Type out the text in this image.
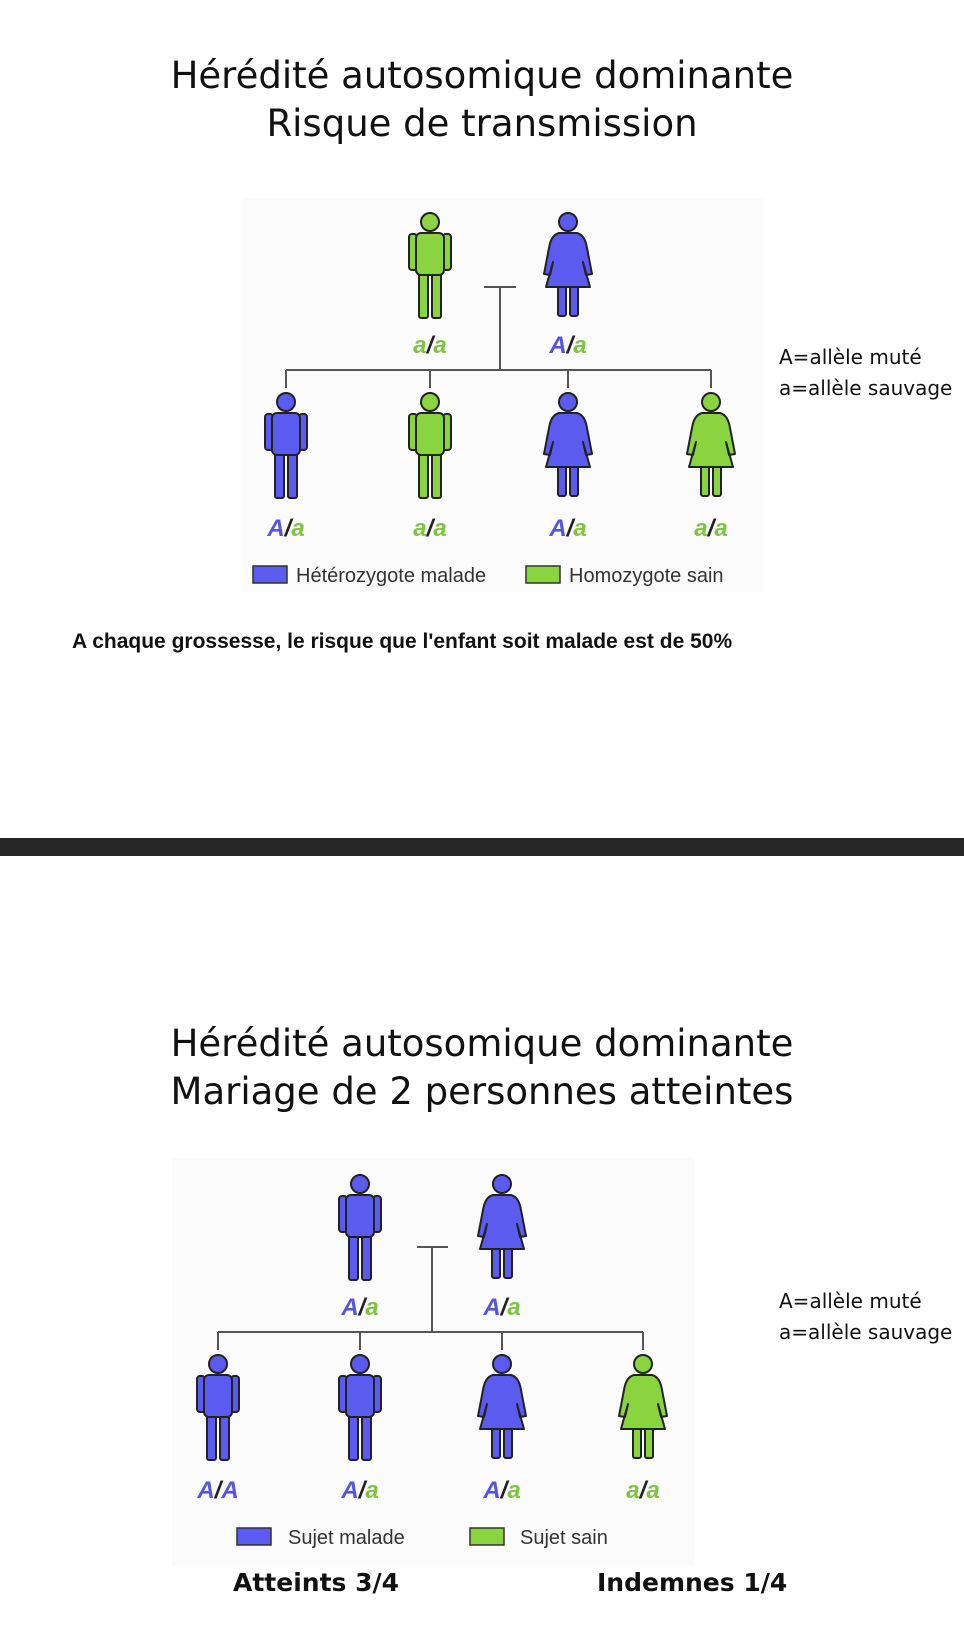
Hérédité autosomique dominante
Risque de transmission
a/a	A/a
A/a	a/a	A/a	a/a
Hétérozygote malade	Homozygote sain
A=allèle muté
a=allèle sauvage
A chaque grossesse, le risque que l'enfant soit malade est de 50%
Hérédité autosomique dominante
Mariage de 2 personnes atteintes
A/a	A/a
A/A	A/a	A/a	a/a
Sujet malade	Sujet sain
A=allèle muté
a=allèle sauvage
Atteints 3/4	Indemnes 1/4
